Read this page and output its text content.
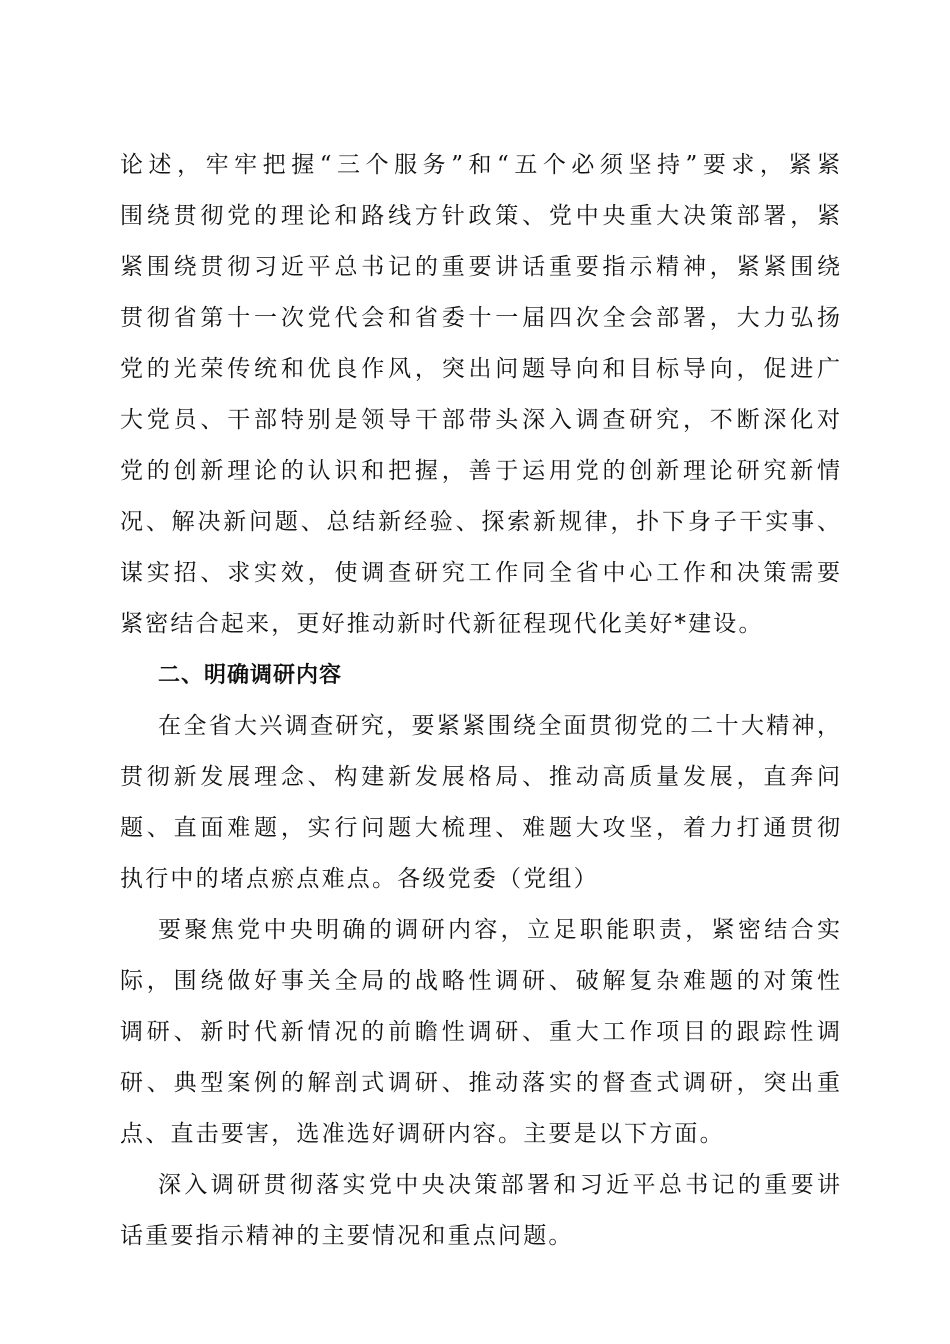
论述，牢牢把握“三个服务”和“五个必须坚持”要求，紧紧
围绕贯彻党的理论和路线方针政策、党中央重大决策部署，紧
紧围绕贯彻习近平总书记的重要讲话重要指示精神，紧紧围绕
贯彻省第十一次党代会和省委十一届四次全会部署，大力弘扬
党的光荣传统和优良作风，突出问题导向和目标导向，促进广
大党员、干部特别是领导干部带头深入调查研究，不断深化对
党的创新理论的认识和把握，善于运用党的创新理论研究新情
况、解决新问题、总结新经验、探索新规律，扑下身子干实事、
谋实招、求实效，使调查研究工作同全省中心工作和决策需要
紧密结合起来，更好推动新时代新征程现代化美好*建设。
二、明确调研内容
在全省大兴调查研究，要紧紧围绕全面贯彻党的二十大精神，
贯彻新发展理念、构建新发展格局、推动高质量发展，直奔问
题、直面难题，实行问题大梳理、难题大攻坚，着力打通贯彻
执行中的堵点瘀点难点。各级党委（党组）
要聚焦党中央明确的调研内容，立足职能职责，紧密结合实
际，围绕做好事关全局的战略性调研、破解复杂难题的对策性
调研、新时代新情况的前瞻性调研、重大工作项目的跟踪性调
研、典型案例的解剖式调研、推动落实的督查式调研，突出重
点、直击要害，选准选好调研内容。主要是以下方面。
深入调研贯彻落实党中央决策部署和习近平总书记的重要讲
话重要指示精神的主要情况和重点问题。
